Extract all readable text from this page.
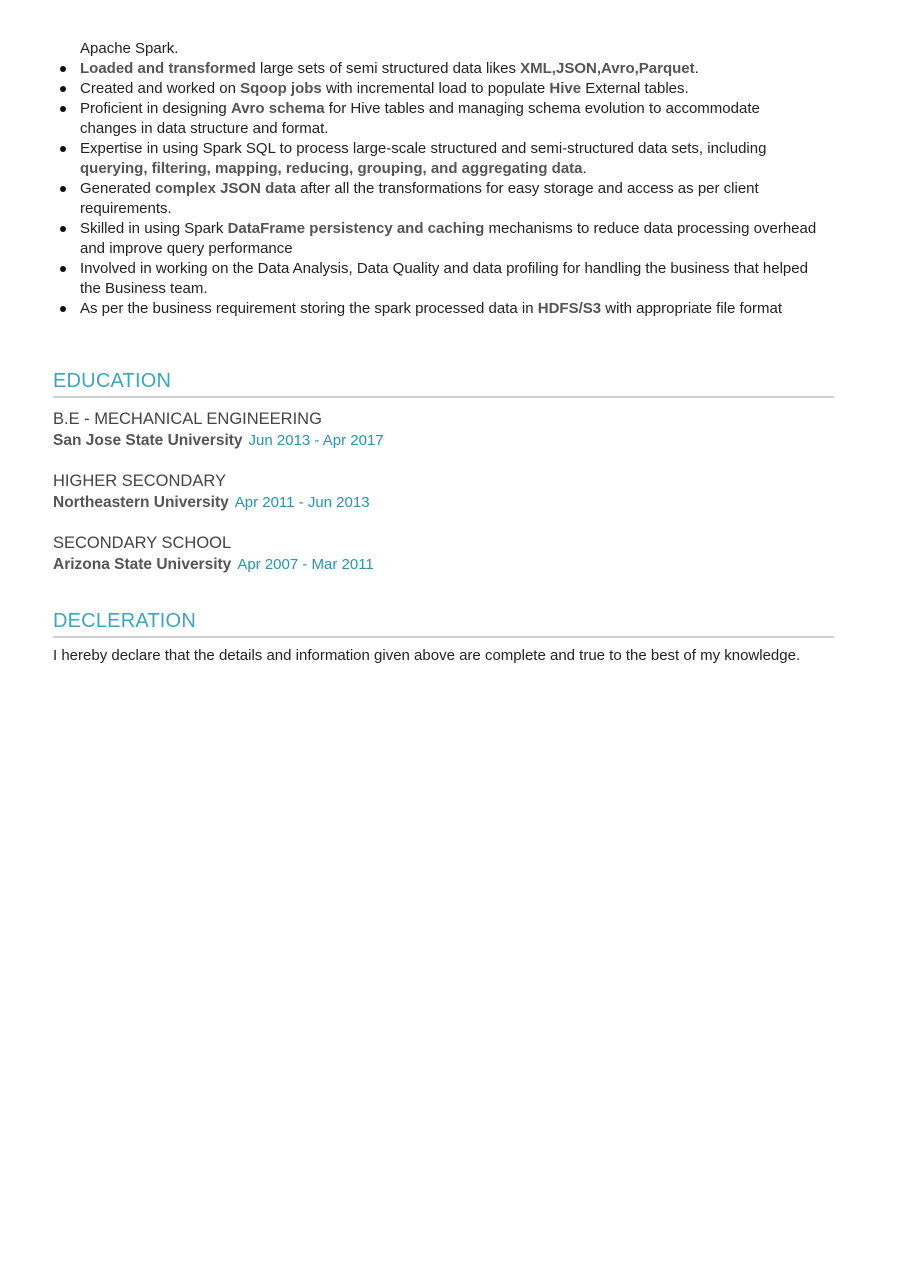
Apache Spark.
Loaded and transformed large sets of semi structured data likes XML,JSON,Avro,Parquet.
Created and worked on Sqoop jobs with incremental load to populate Hive External tables.
Proficient in designing Avro schema for Hive tables and managing schema evolution to accommodate changes in data structure and format.
Expertise in using Spark SQL to process large-scale structured and semi-structured data sets, including querying, filtering, mapping, reducing, grouping, and aggregating data.
Generated complex JSON data after all the transformations for easy storage and access as per client requirements.
Skilled in using Spark DataFrame persistency and caching mechanisms to reduce data processing overhead and improve query performance
Involved in working on the Data Analysis, Data Quality and data profiling for handling the business that helped the Business team.
As per the business requirement storing the spark processed data in HDFS/S3 with appropriate file format
EDUCATION
B.E - MECHANICAL ENGINEERING
San Jose State University Jun 2013 - Apr 2017
HIGHER SECONDARY
Northeastern University Apr 2011 - Jun 2013
SECONDARY SCHOOL
Arizona State University Apr 2007 - Mar 2011
DECLERATION
I hereby declare that the details and information given above are complete and true to the best of my knowledge.
